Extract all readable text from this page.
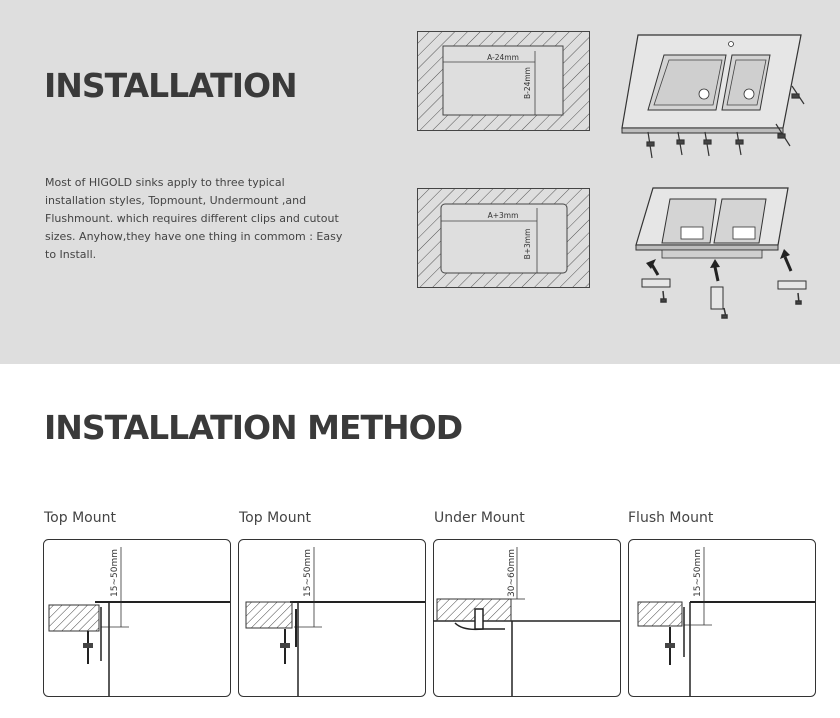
INSTALLATION

Most of HIGOLD sinks apply to three typical installation styles, Topmount, Undermount ,and Flushmount. which requires different clips and cutout sizes. Anyhow,they have one thing in commom : Easy to Install.

A-24mm
B-24mm
A+3mm
B+3mm
INSTALLATION METHOD
Top Mount
15~50mm
Top Mount
15~50mm
Under Mount
30~60mm
Flush Mount
15~50mm
